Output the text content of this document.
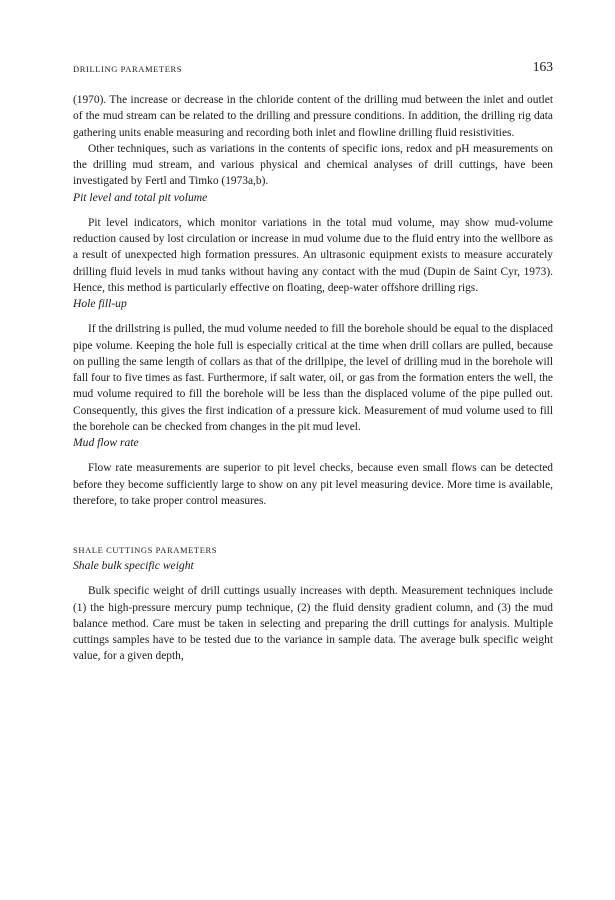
DRILLING PARAMETERS	163

(1970). The increase or decrease in the chloride content of the drilling mud between the inlet and outlet of the mud stream can be related to the drilling and pressure conditions. In addition, the drilling rig data gathering units enable measuring and recording both inlet and flowline drilling fluid resistivities.

Other techniques, such as variations in the contents of specific ions, redox and pH measurements on the drilling mud stream, and various physical and chemical analyses of drill cuttings, have been investigated by Fertl and Timko (1973a,b).

Pit level and total pit volume

Pit level indicators, which monitor variations in the total mud volume, may show mud-volume reduction caused by lost circulation or increase in mud volume due to the fluid entry into the wellbore as a result of unexpected high formation pressures. An ultrasonic equipment exists to measure accurately drilling fluid levels in mud tanks without having any contact with the mud (Dupin de Saint Cyr, 1973). Hence, this method is particularly effective on floating, deep-water offshore drilling rigs.

Hole fill-up

If the drillstring is pulled, the mud volume needed to fill the borehole should be equal to the displaced pipe volume. Keeping the hole full is especially critical at the time when drill collars are pulled, because on pulling the same length of collars as that of the drillpipe, the level of drilling mud in the borehole will fall four to five times as fast. Furthermore, if salt water, oil, or gas from the formation enters the well, the mud volume required to fill the borehole will be less than the displaced volume of the pipe pulled out. Consequently, this gives the first indication of a pressure kick. Measurement of mud volume used to fill the borehole can be checked from changes in the pit mud level.

Mud flow rate

Flow rate measurements are superior to pit level checks, because even small flows can be detected before they become sufficiently large to show on any pit level measuring device. More time is available, therefore, to take proper control measures.

SHALE CUTTINGS PARAMETERS
Shale bulk specific weight

Bulk specific weight of drill cuttings usually increases with depth. Measurement techniques include (1) the high-pressure mercury pump technique, (2) the fluid density gradient column, and (3) the mud balance method. Care must be taken in selecting and preparing the drill cuttings for analysis. Multiple cuttings samples have to be tested due to the variance in sample data. The average bulk specific weight value, for a given depth,
